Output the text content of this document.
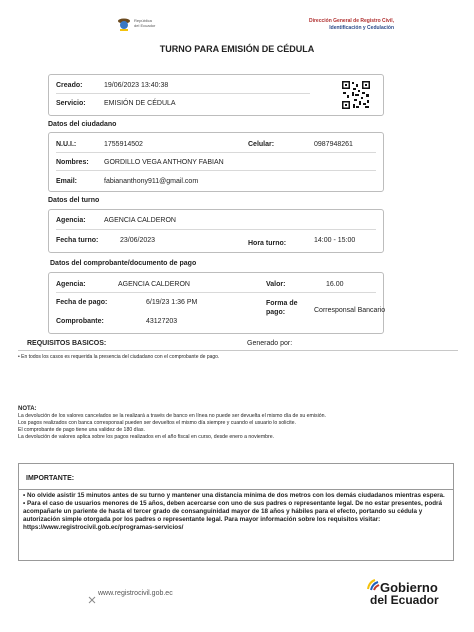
República
del Ecuador
Dirección General de Registro Civil,
Identificación y Cedulación
TURNO PARA EMISIÓN DE CÉDULA
Creado:	19/06/2023 13:40:38
Servicio:	EMISIÓN DE CÉDULA
Datos del ciudadano
N.U.I.:	1755914502	Celular:	0987948261
Nombres: GORDILLO VEGA ANTHONY FABIAN
Email:	fabiananthony911@gmail.com
Datos del turno
Agencia:	AGENCIA CALDERON
Fecha turno:	23/06/2023	Hora turno:	14:00 - 15:00
Datos del comprobante/documento de pago
Agencia:	AGENCIA CALDERON	Valor:	16.00
Fecha de pago:	6/19/23 1:36 PM	Forma de
pago:	Corresponsal Bancario
Comprobante:	43127203
REQUISITOS BASICOS:	Generado por:
• En todos los casos es requerida la presencia del ciudadano con el comprobante de pago.
NOTA:
La devolución de los valores cancelados se la realizará a través de banco en línea no puede ser devuelta el mismo día de su emisión.
Los pagos realizados con banca corresponsal pueden ser devueltos el mismo día siempre y cuando el usuario lo solicite.
El comprobante de pago tiene una validez de 180 días.
La devolución de valores aplica sobre los pagos realizados en el año fiscal en curso, desde enero a noviembre.
IMPORTANTE:
• No olvide asistir 15 minutos antes de su turno y mantener una distancia mínima de dos metros con los demás ciudadanos mientras espera.
• Para el caso de usuarios menores de 15 años, deben acercarse con uno de sus padres o representante legal. De no estar presentes, podrá acompañarle un pariente de hasta el tercer grado de consanguinidad mayor de 18 años y hábiles para el efecto, portando su cédula y autorización simple otorgada por los padres o representante legal. Para mayor información sobre los requisitos visitar: https://www.registrocivil.gob.ec/programas-servicios/
www.registrocivil.gob.ec	Gobierno
del Ecuador
